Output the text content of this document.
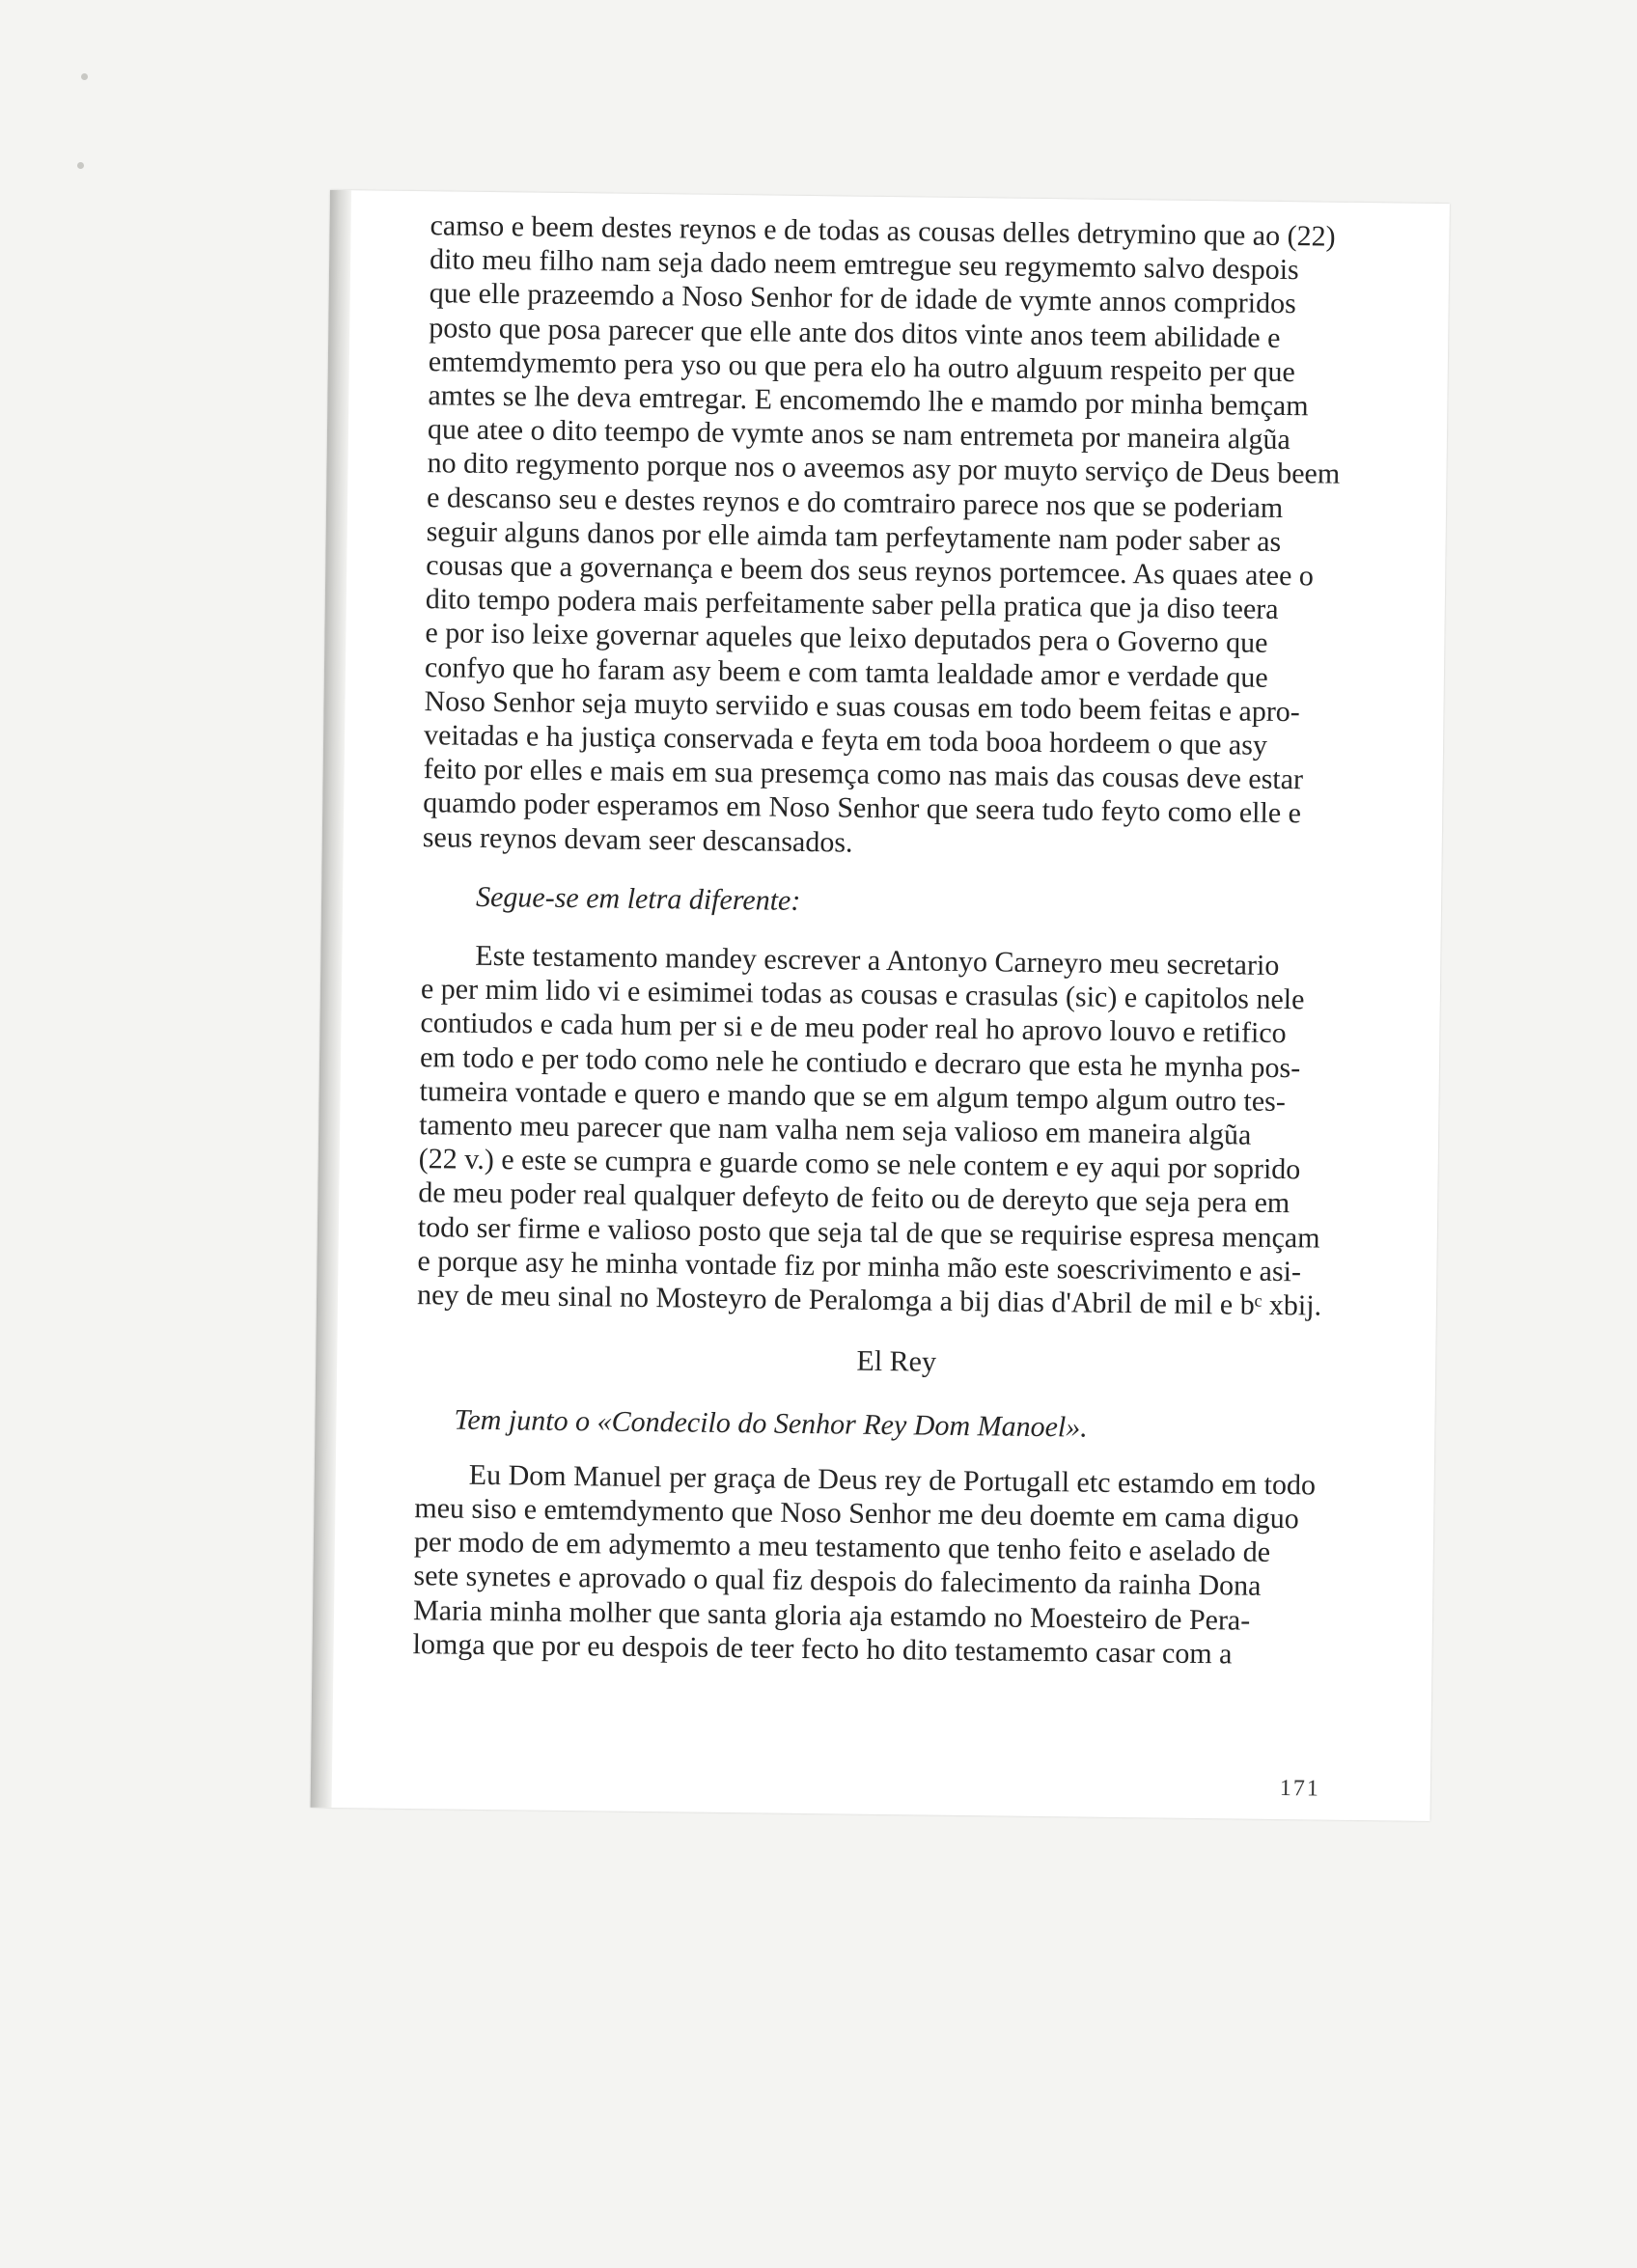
camso e beem destes reynos e de todas as cousas delles detrymino que ao (22)
dito meu filho nam seja dado neem emtregue seu regymemto salvo despois
que elle prazeemdo a Noso Senhor for de idade de vymte annos compridos
posto que posa parecer que elle ante dos ditos vinte anos teem abilidade e
emtemdymemto pera yso ou que pera elo ha outro alguum respeito per que
amtes se lhe deva emtregar. E encomemdo lhe e mamdo por minha bemçam
que atee o dito teempo de vymte anos se nam entremeta por maneira algũa
no dito regymento porque nos o aveemos asy por muyto serviço de Deus beem
e descanso seu e destes reynos e do comtrairo parece nos que se poderiam
seguir alguns danos por elle aimda tam perfeytamente nam poder saber as
cousas que a governança e beem dos seus reynos portemcee. As quaes atee o
dito tempo podera mais perfeitamente saber pella pratica que ja diso teera
e por iso leixe governar aqueles que leixo deputados pera o Governo que
confyo que ho faram asy beem e com tamta lealdade amor e verdade que
Noso Senhor seja muyto serviido e suas cousas em todo beem feitas e apro-
veitadas e ha justiça conservada e feyta em toda booa hordeem o que asy
feito por elles e mais em sua presemça como nas mais das cousas deve estar
quamdo poder esperamos em Noso Senhor que seera tudo feyto como elle e
seus reynos devam seer descansados.
Segue-se em letra diferente:
Este testamento mandey escrever a Antonyo Carneyro meu secretario
e per mim lido vi e esimimei todas as cousas e crasulas (sic) e capitolos nele
contiudos e cada hum per si e de meu poder real ho aprovo louvo e retifico
em todo e per todo como nele he contiudo e decraro que esta he mynha pos-
tumeira vontade e quero e mando que se em algum tempo algum outro tes-
tamento meu parecer que nam valha nem seja valioso em maneira algũa
(22 v.) e este se cumpra e guarde como se nele contem e ey aqui por soprido
de meu poder real qualquer defeyto de feito ou de dereyto que seja pera em
todo ser firme e valioso posto que seja tal de que se requirise espresa mençam
e porque asy he minha vontade fiz por minha mão este soescrivimento e asi-
ney de meu sinal no Mosteyro de Peralomga a bij dias d'Abril de mil e bᶜ xbij.
El Rey
Tem junto o «Condecilo do Senhor Rey Dom Manoel».
Eu Dom Manuel per graça de Deus rey de Portugall etc estamdo em todo
meu siso e emtemdymento que Noso Senhor me deu doemte em cama diguo
per modo de em adymemto a meu testamento que tenho feito e aselado de
sete synetes e aprovado o qual fiz despois do falecimento da rainha Dona
Maria minha molher que santa gloria aja estamdo no Moesteiro de Pera-
lomga que por eu despois de teer fecto ho dito testamemto casar com a
171
